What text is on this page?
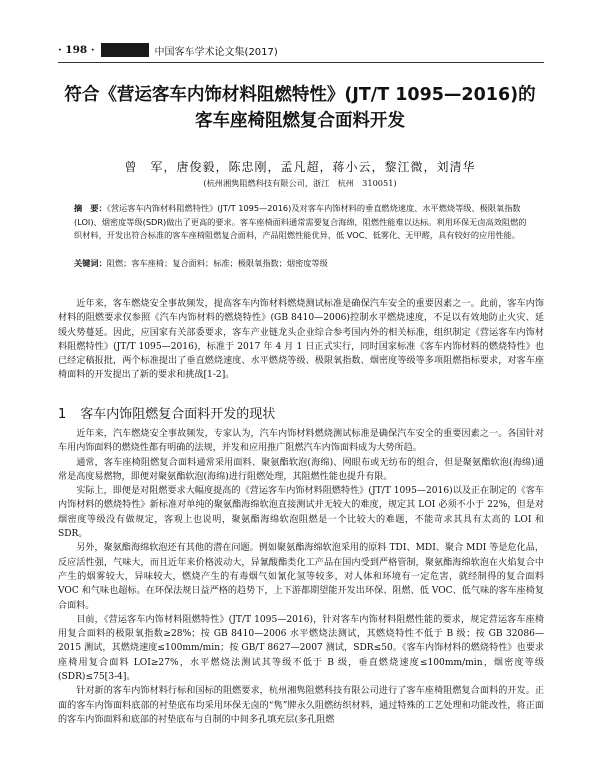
· 198 ·	中国客车学术论文集(2017)
符合《营运客车内饰材料阻燃特性》(JT/T 1095—2016)的
客车座椅阻燃复合面料开发
曾　军，唐俊毅，陈忠刚，孟凡超，蒋小云，黎江微，刘清华
(杭州湘隽阻燃科技有限公司，浙江　杭州　310051)
摘　要：《营运客车内饰材料阻燃特性》(JT/T 1095—2016)及对客车内饰材料的垂直燃烧速度、水平燃烧等级、极限氧指数(LOI)、烟密度等级(SDR)做出了更高的要求。客车座椅面料通常需要复合海绵，阻燃性能难以达标。利用环保无卤高效阻燃的织材料，开发出符合标准的客车座椅阻燃复合面料，产品阻燃性能优异，低 VOC、低雾化、无甲醛，具有较好的应用性能。
关键词：阻燃；客车座椅；复合面料；标准；极限氧指数；烟密度等级

近年来，客车燃烧安全事故频发，提高客车内饰材料燃烧测试标准是确保汽车安全的重要因素之一。此前，客车内饰材料的阻燃要求仅参照《汽车内饰材料的燃烧特性》(GB 8410—2006)控制水平燃烧速度，不足以有效地防止火灾、延缓火势蔓延。因此，应国家有关部委要求，客车产业链龙头企业综合参考国内外的相关标准，组织制定《营运客车内饰材料阻燃特性》(JT/T 1095—2016)，标准于 2017 年 4 月 1 日正式实行，同时国家标准《客车内饰材料的燃烧特性》也已经定稿报批，两个标准提出了垂直燃烧速度、水平燃烧等级、极限氧指数、烟密度等级等多项阻燃指标要求，对客车座椅面料的开发提出了新的要求和挑战[1-2]。

1 客车内饰阻燃复合面料开发的现状

近年来，汽车燃烧安全事故频发，专家认为，汽车内饰材料燃烧测试标准是确保汽车安全的重要因素之一。各国针对车用内饰面料的燃烧性都有明确的法规，并发和应用推广阻燃汽车内饰面料成为大势所趋。

通常，客车座椅阻燃复合面料通常采用面料、聚氨酯软泡(海绵)、网眼布或无纺布的组合，但是聚氨酯软泡(海绵)通常是高度易燃物，即便对聚氨酯软泡(海绵)进行阻燃处理，其阻燃性能也提升有限。

实际上，即便是对阻燃要求大幅度提高的《营运客车内饰材料阻燃特性》(JT/T 1095—2016)以及正在制定的《客车内饰材料的燃烧特性》新标准对单纯的聚氨酯海绵软泡直接测试并无较大的难度，规定其 LOI 必须不小于 22%，但是对烟密度等级没有做规定，客观上也说明，聚氨酯海绵软泡阻燃是一个比较大的难题，不能苛求其具有太高的 LOI 和 SDR。

另外，聚氨酯海绵软泡还有其他的潜在问题。例如聚氨酯海绵软泡采用的原料 TDI、MDI、聚合 MDI 等是危化品，反应活性强，气味大，而且近年来价格波动大，异氰酸酯类化工产品在国内受到严格管制，聚氨酯海绵软泡在火焰复合中产生的烟雾较大，异味较大，燃烧产生的有毒烟气如氰化氢等较多，对人体和环境有一定危害，就经制得的复合面料 VOC 和气味也超标。在环保法规日益严格的趋势下，上下游都期望能开发出环保、阻燃、低 VOC、低气味的客车座椅复合面料。

目前，《营运客车内饰材料阻燃特性》(JT/T 1095—2016)，针对客车内饰材料阻燃性能的要求，规定营运客车座椅用复合面料的极限氧指数≥28%；按 GB 8410—2006 水平燃烧法测试，其燃烧特性不低于 B 级；按 GB 32086—2015 测试，其燃烧速度≤100mm/min；按 GB/T 8627—2007 测试，SDR≤50。《客车内饰材料的燃烧特性》也要求座椅用复合面料 LOI≥27%，水平燃烧法测试其等级不低于 B 级，垂直燃烧速度≤100mm/min，烟密度等级(SDR)≤75[3-4]。

针对新的客车内饰材料行标和国标的阻燃要求，杭州湘隽阻燃科技有限公司进行了客车座椅阻燃复合面料的开发。正面的客车内饰面料底部的衬垫底布均采用环保无卤的“隽”牌永久阻燃纺织材料，通过特殊的工艺处理和功能改性，将正面的客车内饰面料和底部的衬垫底布与自制的中间多孔填充层(多孔阻燃
